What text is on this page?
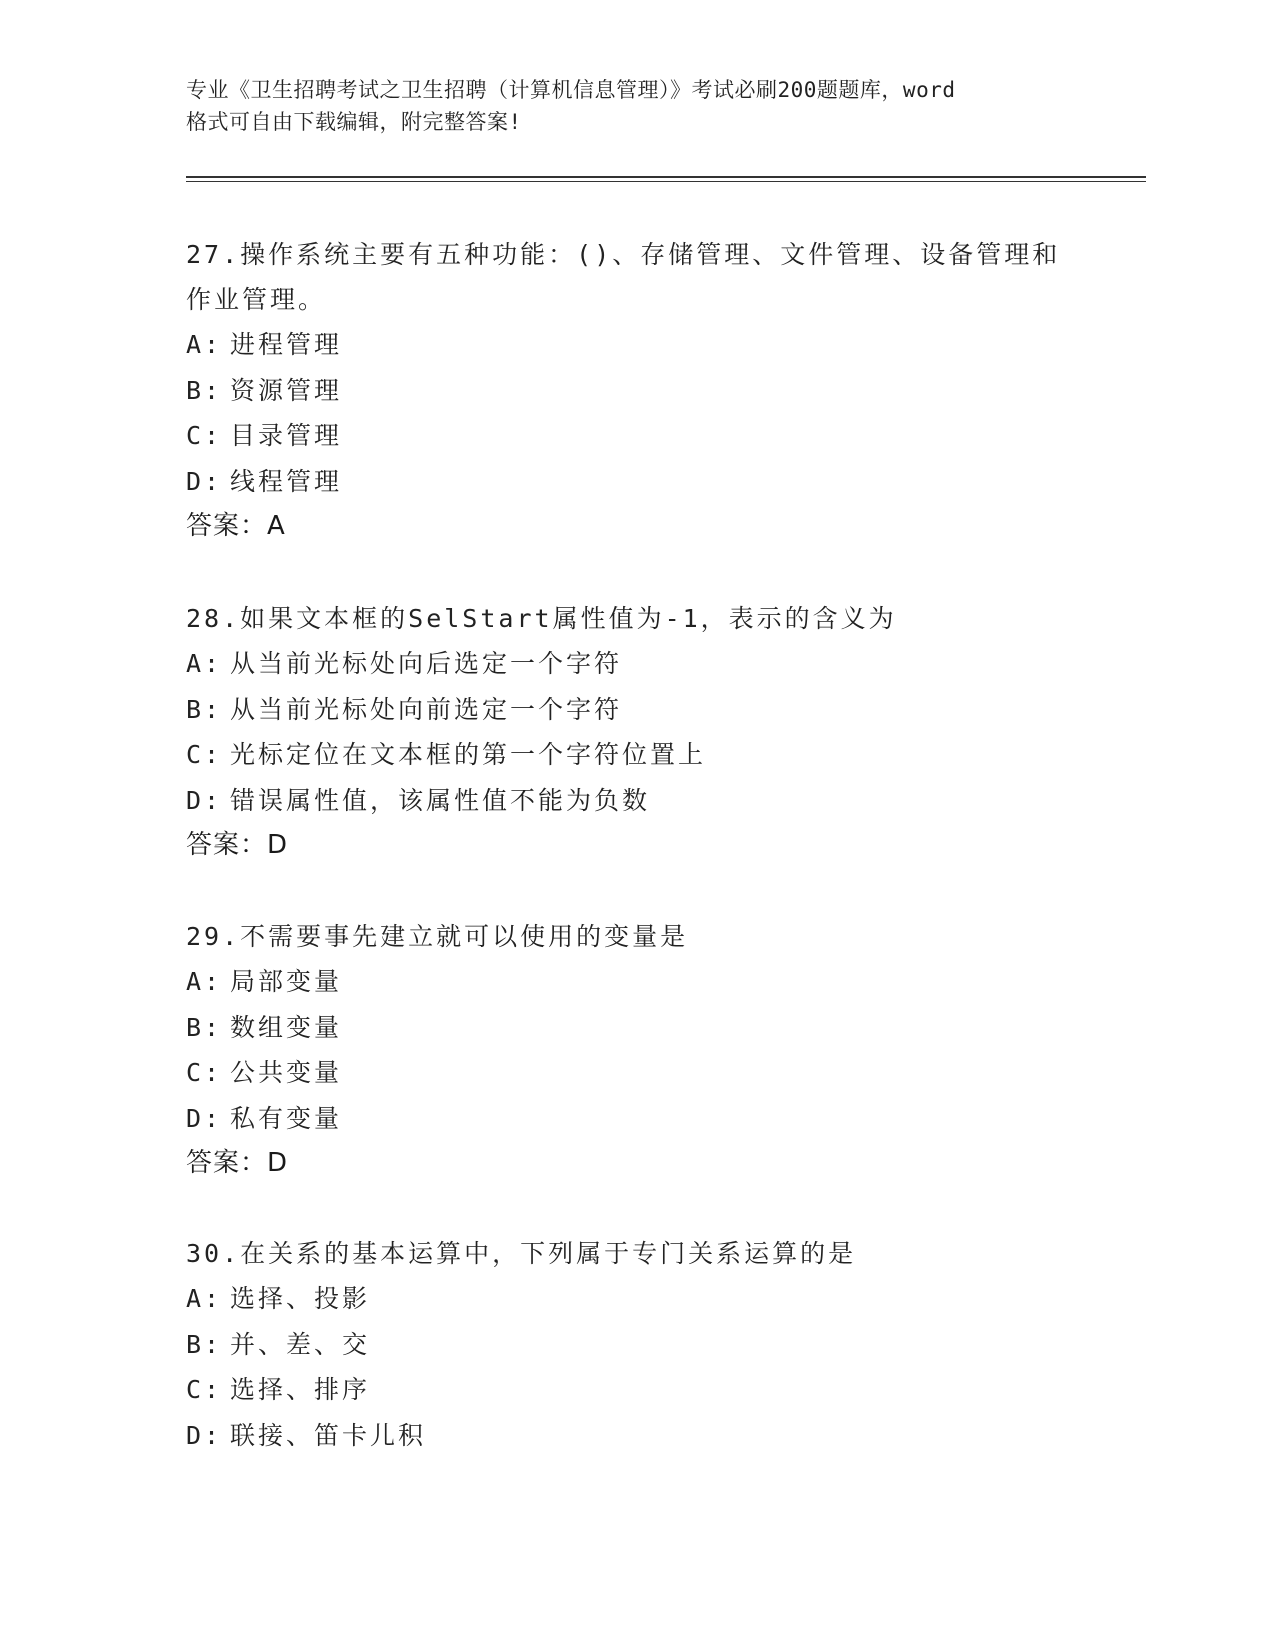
专业《卫生招聘考试之卫生招聘（计算机信息管理）》考试必刷200题题库，word
格式可自由下载编辑，附完整答案!
27.操作系统主要有五种功能：()、存储管理、文件管理、设备管理和作业管理。
A: 进程管理
B: 资源管理
C: 目录管理
D: 线程管理
答案：A
28.如果文本框的SelStart属性值为-1，表示的含义为
A: 从当前光标处向后选定一个字符
B: 从当前光标处向前选定一个字符
C: 光标定位在文本框的第一个字符位置上
D: 错误属性值，该属性值不能为负数
答案：D
29.不需要事先建立就可以使用的变量是
A: 局部变量
B: 数组变量
C: 公共变量
D: 私有变量
答案：D
30.在关系的基本运算中，下列属于专门关系运算的是
A: 选择、投影
B: 并、差、交
C: 选择、排序
D: 联接、笛卡儿积
